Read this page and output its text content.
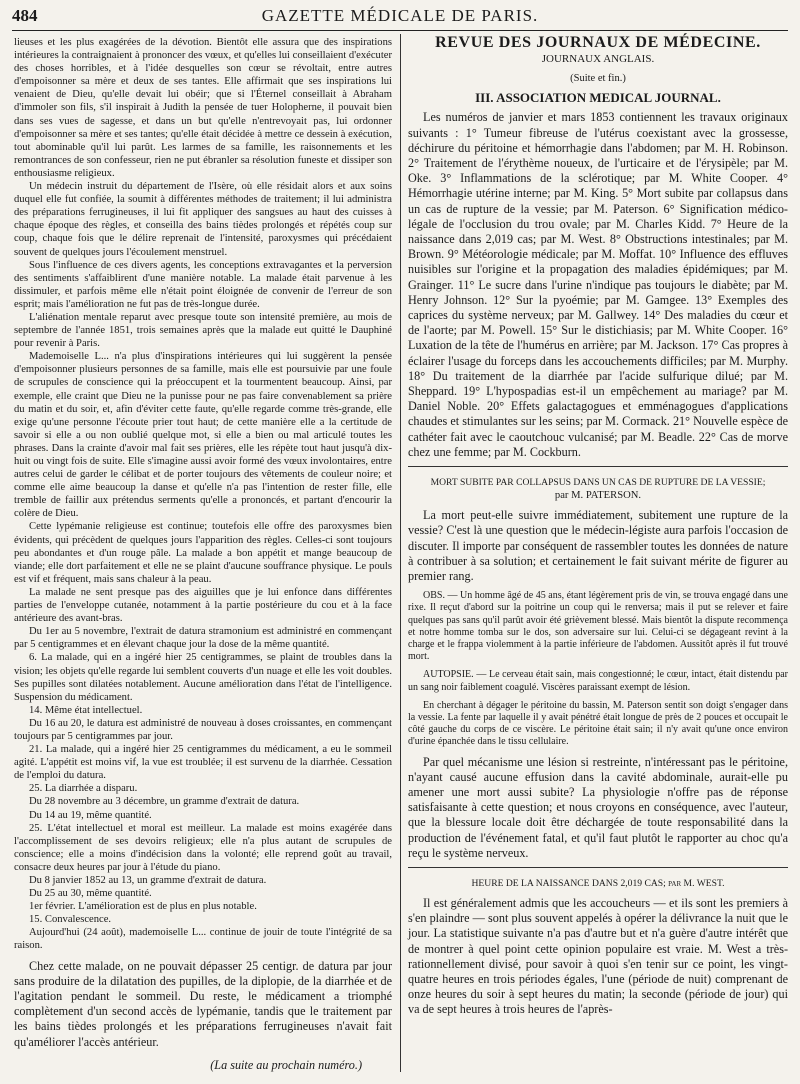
484	GAZETTE MÉDICALE DE PARIS.

lieuses et les plus exagérées de la dévotion. Bientôt elle assura que des inspirations intérieures la contraignaient à prononcer des vœux, et qu'elles lui conseillaient d'exécuter des choses horribles, et à l'idée desquelles son cœur se révoltait, entre autres d'empoisonner sa mère et deux de ses tantes. Elle affirmait que ses inspirations lui venaient de Dieu, qu'elle devait lui obéir; que si l'Éternel conseillait à Abraham d'immoler son fils, s'il inspirait à Judith la pensée de tuer Holopherne, il pouvait bien dans ses vues de sagesse, et dans un but qu'elle n'entrevoyait pas, lui ordonner d'empoisonner sa mère et ses tantes; qu'elle était décidée à mettre ce dessein à exécution, tout abominable qu'il lui parût. Les larmes de sa famille, les raisonnements et les remontrances de son confesseur, rien ne put ébranler sa résolution funeste et dissiper son enthousiasme religieux.

Un médecin instruit du département de l'Isère, où elle résidait alors et aux soins duquel elle fut confiée, la soumit à différentes méthodes de traitement; il lui administra des préparations ferrugineuses, il lui fit appliquer des sangsues au haut des cuisses à chaque époque des règles, et conseilla des bains tièdes prolongés et répétés coup sur coup, chaque fois que le délire reprenait de l'intensité, paroxysmes qui précédaient souvent de quelques jours l'écoulement menstruel.

Sous l'influence de ces divers agents, les conceptions extravagantes et la perversion des sentiments s'affaiblirent d'une manière notable. La malade était parvenue à les dissimuler, et parfois même elle n'était point éloignée de convenir de l'erreur de son esprit; mais l'amélioration ne fut pas de très-longue durée.

L'aliénation mentale reparut avec presque toute son intensité première, au mois de septembre de l'année 1851, trois semaines après que la malade eut quitté le Dauphiné pour revenir à Paris.

Mademoiselle L... n'a plus d'inspirations intérieures qui lui suggèrent la pensée d'empoisonner plusieurs personnes de sa famille, mais elle est poursuivie par une foule de scrupules de conscience qui la préoccupent et la tourmentent beaucoup. Ainsi, par exemple, elle craint que Dieu ne la punisse pour ne pas faire convenablement sa prière du matin et du soir, et, afin d'éviter cette faute, qu'elle regarde comme très-grande, elle exige qu'une personne l'écoute prier tout haut; de cette manière elle a la certitude de savoir si elle a ou non oublié quelque mot, si elle a bien ou mal articulé toutes les phrases. Dans la crainte d'avoir mal fait ses prières, elle les répète tout haut jusqu'à dix-huit ou vingt fois de suite. Elle s'imagine aussi avoir formé des vœux involontaires, entre autres celui de garder le célibat et de porter toujours des vêtements de couleur noire; et comme elle aime beaucoup la danse et qu'elle n'a pas l'intention de rester fille, elle tremble de faillir aux prétendus serments qu'elle a prononcés, et partant d'encourir la colère de Dieu.

Cette lypémanie religieuse est continue; toutefois elle offre des paroxysmes bien évidents, qui précèdent de quelques jours l'apparition des règles. Celles-ci sont toujours peu abondantes et d'un rouge pâle. La malade a bon appétit et mange beaucoup de viande; elle dort parfaitement et elle ne se plaint d'aucune souffrance physique. Le pouls est vif et fréquent, mais sans chaleur à la peau.

La malade ne sent presque pas des aiguilles que je lui enfonce dans différentes parties de l'enveloppe cutanée, notamment à la partie postérieure du cou et à la face antérieure des avant-bras.

Du 1er au 5 novembre, l'extrait de datura stramonium est administré en commençant par 5 centigrammes et en élevant chaque jour la dose de la même quantité.

6. La malade, qui en a ingéré hier 25 centigrammes, se plaint de troubles dans la vision; les objets qu'elle regarde lui semblent couverts d'un nuage et elle les voit doubles. Ses pupilles sont dilatées notablement. Aucune amélioration dans l'état de l'intelligence. Suspension du médicament.

14. Même état intellectuel.

Du 16 au 20, le datura est administré de nouveau à doses croissantes, en commençant toujours par 5 centigrammes par jour.

21. La malade, qui a ingéré hier 25 centigrammes du médicament, a eu le sommeil agité. L'appétit est moins vif, la vue est troublée; il est survenu de la diarrhée. Cessation de l'emploi du datura.

25. La diarrhée a disparu.

Du 28 novembre au 3 décembre, un gramme d'extrait de datura.

Du 14 au 19, même quantité.

25. L'état intellectuel et moral est meilleur. La malade est moins exagérée dans l'accomplissement de ses devoirs religieux; elle n'a plus autant de scrupules de conscience; elle a moins d'indécision dans la volonté; elle reprend goût au travail, consacre deux heures par jour à l'étude du piano.

Du 8 janvier 1852 au 13, un gramme d'extrait de datura.

Du 25 au 30, même quantité.

1er février. L'amélioration est de plus en plus notable.

15. Convalescence.

Aujourd'hui (24 août), mademoiselle L... continue de jouir de toute l'intégrité de sa raison.

Chez cette malade, on ne pouvait dépasser 25 centigr. de datura par jour sans produire de la dilatation des pupilles, de la diplopie, de la diarrhée et de l'agitation pendant le sommeil. Du reste, le médicament a triomphé complètement d'un second accès de lypémanie, tandis que le traitement par les bains tièdes prolongés et les préparations ferrugineuses n'avait fait qu'améliorer l'accès antérieur.

(La suite au prochain numéro.)

REVUE DES JOURNAUX DE MÉDECINE.

JOURNAUX ANGLAIS.

(Suite et fin.)

III. ASSOCIATION MEDICAL JOURNAL.

Les numéros de janvier et mars 1853 contiennent les travaux originaux suivants : 1° Tumeur fibreuse de l'utérus coexistant avec la grossesse, déchirure du péritoine et hémorrhagie dans l'abdomen; par M. H. Robinson. 2° Traitement de l'érythème noueux, de l'urticaire et de l'érysipèle; par M. Oke. 3° Inflammations de la sclérotique; par M. White Cooper. 4° Hémorrhagie utérine interne; par M. King. 5° Mort subite par collapsus dans un cas de rupture de la vessie; par M. Paterson. 6° Signification médico-légale de l'occlusion du trou ovale; par M. Charles Kidd. 7° Heure de la naissance dans 2,019 cas; par M. West. 8° Obstructions intestinales; par M. Brown. 9° Météorologie médicale; par M. Moffat. 10° Influence des effluves nuisibles sur l'origine et la propagation des maladies épidémiques; par M. Grainger. 11° Le sucre dans l'urine n'indique pas toujours le diabète; par M. Henry Johnson. 12° Sur la pyoémie; par M. Gamgee. 13° Exemples des caprices du système nerveux; par M. Gallwey. 14° Des maladies du cœur et de l'aorte; par M. Powell. 15° Sur le distichiasis; par M. White Cooper. 16° Luxation de la tête de l'humérus en arrière; par M. Jackson. 17° Cas propres à éclairer l'usage du forceps dans les accouchements difficiles; par M. Murphy. 18° Du traitement de la diarrhée par l'acide sulfurique dilué; par M. Sheppard. 19° L'hypospadias est-il un empêchement au mariage? par M. Daniel Noble. 20° Effets galactagogues et emménagogues d'applications chaudes et stimulantes sur les seins; par M. Cormack. 21° Nouvelle espèce de cathéter fait avec le caoutchouc vulcanisé; par M. Beadle. 22° Cas de morve chez une femme; par M. Cockburn.

MORT SUBITE PAR COLLAPSUS DANS UN CAS DE RUPTURE DE LA VESSIE;

par M. PATERSON.

La mort peut-elle suivre immédiatement, subitement une rupture de la vessie? C'est là une question que le médecin-légiste aura parfois l'occasion de discuter. Il importe par conséquent de rassembler toutes les données de nature à contribuer à sa solution; et certainement le fait suivant mérite de figurer au premier rang.

OBS. — Un homme âgé de 45 ans, étant légèrement pris de vin, se trouva engagé dans une rixe. Il reçut d'abord sur la poitrine un coup qui le renversa; mais il put se relever et faire quelques pas sans qu'il parût avoir été grièvement blessé. Mais bientôt la dispute recommença et notre homme tomba sur le dos, son adversaire sur lui. Celui-ci se dégageant revint à la charge et le frappa violemment à la partie inférieure de l'abdomen. Aussitôt après il fut trouvé mort.

AUTOPSIE. — Le cerveau était sain, mais congestionné; le cœur, intact, était distendu par un sang noir faiblement coagulé. Viscères paraissant exempt de lésion.

En cherchant à dégager le péritoine du bassin, M. Paterson sentit son doigt s'engager dans la vessie. La fente par laquelle il y avait pénétré était longue de près de 2 pouces et occupait le côté gauche du corps de ce viscère. Le péritoine était sain; il n'y avait qu'une once environ d'urine épanchée dans le tissu cellulaire.

Par quel mécanisme une lésion si restreinte, n'intéressant pas le péritoine, n'ayant causé aucune effusion dans la cavité abdominale, aurait-elle pu amener une mort aussi subite? La physiologie n'offre pas de réponse satisfaisante à cette question; et nous croyons en conséquence, avec l'auteur, que la blessure locale doit être déchargée de toute responsabilité dans la production de l'événement fatal, et qu'il faut plutôt le rapporter au choc qu'a reçu le système nerveux.

HEURE DE LA NAISSANCE DANS 2,019 CAS; par M. WEST.

Il est généralement admis que les accoucheurs — et ils sont les premiers à s'en plaindre — sont plus souvent appelés à opérer la délivrance la nuit que le jour. La statistique suivante n'a pas d'autre but et n'a guère d'autre intérêt que de montrer à quel point cette opinion populaire est vraie. M. West a très-rationnellement divisé, pour savoir à quoi s'en tenir sur ce point, les vingt-quatre heures en trois périodes égales, l'une (période de nuit) comprenant de onze heures du soir à sept heures du matin; la seconde (période de jour) qui va de sept heures à trois heures de l'après-
